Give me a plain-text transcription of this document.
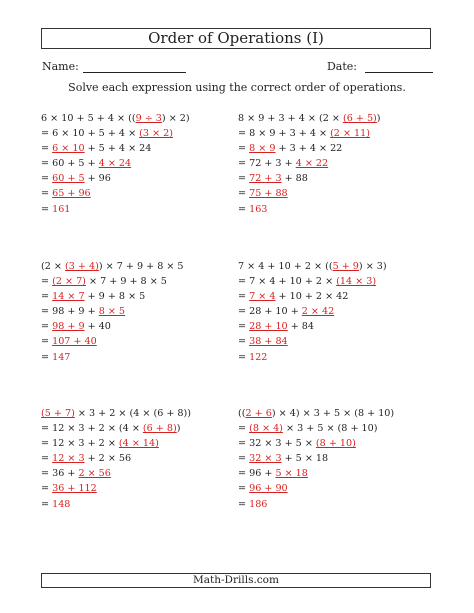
Order of Operations (I)
Name:	Date:
Solve each expression using the correct order of operations.
6 × 10 + 5 + 4 × ((9 ÷ 3) × 2)
= 6 × 10 + 5 + 4 × (3 × 2)
= 6 × 10 + 5 + 4 × 24
= 60 + 5 + 4 × 24
= 60 + 5 + 96
= 65 + 96
= 161
8 × 9 + 3 + 4 × (2 × (6 + 5))
= 8 × 9 + 3 + 4 × (2 × 11)
= 8 × 9 + 3 + 4 × 22
= 72 + 3 + 4 × 22
= 72 + 3 + 88
= 75 + 88
= 163
(2 × (3 + 4)) × 7 + 9 + 8 × 5
= (2 × 7) × 7 + 9 + 8 × 5
= 14 × 7 + 9 + 8 × 5
= 98 + 9 + 8 × 5
= 98 + 9 + 40
= 107 + 40
= 147
7 × 4 + 10 + 2 × ((5 + 9) × 3)
= 7 × 4 + 10 + 2 × (14 × 3)
= 7 × 4 + 10 + 2 × 42
= 28 + 10 + 2 × 42
= 28 + 10 + 84
= 38 + 84
= 122
(5 + 7) × 3 + 2 × (4 × (6 + 8))
= 12 × 3 + 2 × (4 × (6 + 8))
= 12 × 3 + 2 × (4 × 14)
= 12 × 3 + 2 × 56
= 36 + 2 × 56
= 36 + 112
= 148
((2 + 6) × 4) × 3 + 5 × (8 + 10)
= (8 × 4) × 3 + 5 × (8 + 10)
= 32 × 3 + 5 × (8 + 10)
= 32 × 3 + 5 × 18
= 96 + 5 × 18
= 96 + 90
= 186
Math-Drills.com
